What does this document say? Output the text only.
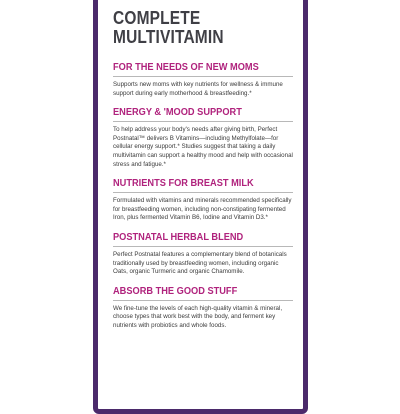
COMPLETE
MULTIVITAMIN
FOR THE NEEDS OF NEW MOMS

Supports new moms with key nutrients for wellness & immune support during early motherhood & breastfeeding.*

ENERGY & 'MOOD SUPPORT

To help address your body's needs after giving birth, Perfect Postnatal™ delivers B Vitamins—including Methylfolate—for cellular energy support.* Studies suggest that taking a daily multivitamin can support a healthy mood and help with occasional stress and fatigue.*

NUTRIENTS FOR BREAST MILK

Formulated with vitamins and minerals recommended specifically for breastfeeding women, including non-constipating fermented Iron, plus fermented Vitamin B6, Iodine and Vitamin D3.*

POSTNATAL HERBAL BLEND

Perfect Postnatal features a complementary blend of botanicals traditionally used by breastfeeding women, including organic Oats, organic Turmeric and organic Chamomile.

ABSORB THE GOOD STUFF

We fine-tune the levels of each high-quality vitamin & mineral, choose types that work best with the body, and ferment key nutrients with probiotics and whole foods.
